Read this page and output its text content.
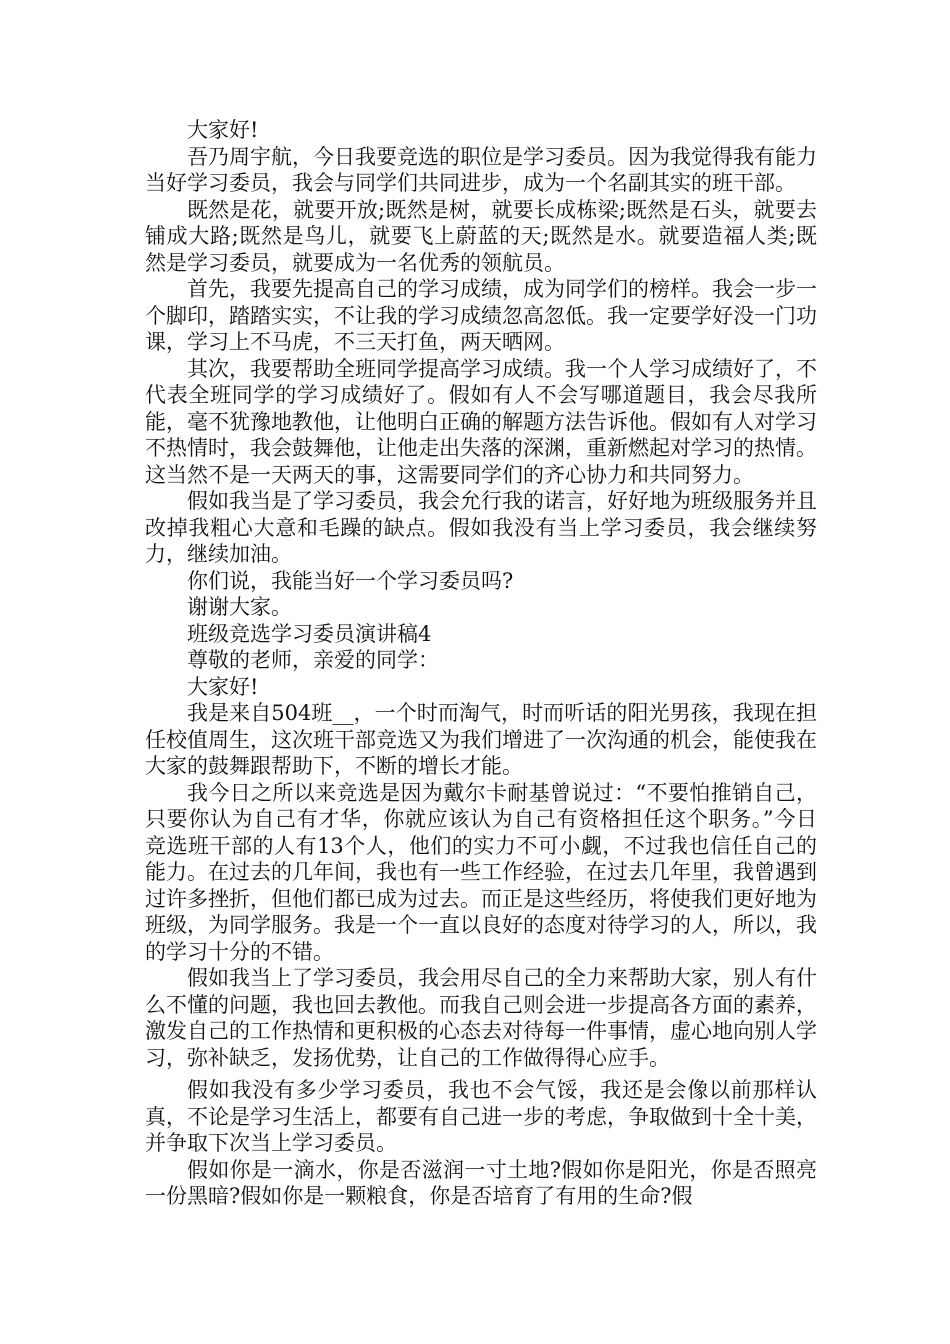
大家好!

吾乃周宇航，今日我要竞选的职位是学习委员。因为我觉得我有能力当好学习委员，我会与同学们共同进步，成为一个名副其实的班干部。

既然是花，就要开放;既然是树，就要长成栋梁;既然是石头，就要去铺成大路;既然是鸟儿，就要飞上蔚蓝的天;既然是水。就要造福人类;既然是学习委员，就要成为一名优秀的领航员。

首先，我要先提高自己的学习成绩，成为同学们的榜样。我会一步一个脚印，踏踏实实，不让我的学习成绩忽高忽低。我一定要学好没一门功课，学习上不马虎，不三天打鱼，两天晒网。

其次，我要帮助全班同学提高学习成绩。我一个人学习成绩好了，不代表全班同学的学习成绩好了。假如有人不会写哪道题目，我会尽我所能，毫不犹豫地教他，让他明白正确的解题方法告诉他。假如有人对学习不热情时，我会鼓舞他，让他走出失落的深渊，重新燃起对学习的热情。这当然不是一天两天的事，这需要同学们的齐心协力和共同努力。

假如我当是了学习委员，我会允行我的诺言，好好地为班级服务并且改掉我粗心大意和毛躁的缺点。假如我没有当上学习委员，我会继续努力，继续加油。

你们说，我能当好一个学习委员吗?

谢谢大家。

班级竞选学习委员演讲稿4

尊敬的老师，亲爱的同学：

大家好!

我是来自504班__，一个时而淘气，时而听话的阳光男孩，我现在担任校值周生，这次班干部竞选又为我们增进了一次沟通的机会，能使我在大家的鼓舞跟帮助下，不断的增长才能。

我今日之所以来竞选是因为戴尔卡耐基曾说过：“不要怕推销自己，只要你认为自己有才华，你就应该认为自己有资格担任这个职务。”今日竞选班干部的人有13个人，他们的实力不可小觑，不过我也信任自己的能力。在过去的几年间，我也有一些工作经验，在过去几年里，我曾遇到过许多挫折，但他们都已成为过去。而正是这些经历，将使我们更好地为班级，为同学服务。我是一个一直以良好的态度对待学习的人，所以，我的学习十分的不错。

假如我当上了学习委员，我会用尽自己的全力来帮助大家，别人有什么不懂的问题，我也回去教他。而我自己则会进一步提高各方面的素养，激发自己的工作热情和更积极的心态去对待每一件事情，虚心地向别人学习，弥补缺乏，发扬优势，让自己的工作做得得心应手。

假如我没有多少学习委员，我也不会气馁，我还是会像以前那样认真，不论是学习生活上，都要有自己进一步的考虑，争取做到十全十美，并争取下次当上学习委员。

假如你是一滴水，你是否滋润一寸土地?假如你是阳光，你是否照亮一份黑暗?假如你是一颗粮食，你是否培育了有用的生命?假
